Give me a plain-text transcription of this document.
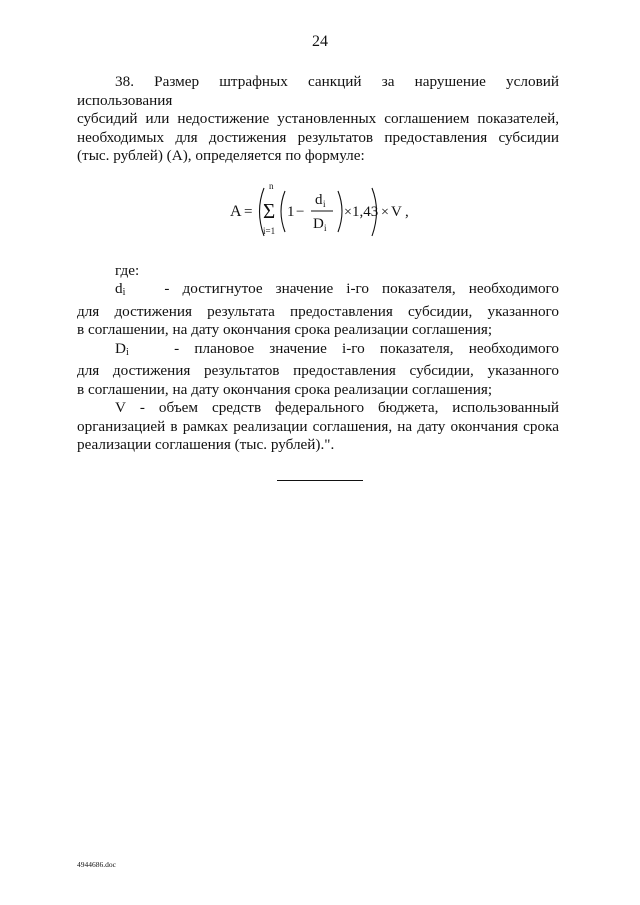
24

38. Размер штрафных санкций за нарушение условий использования

субсидий или недостижение установленных соглашением показателей,

необходимых для достижения результатов предоставления субсидии

(тыс. рублей) (А), определяется по формуле:

A =
n
Σ
i=1
1 −
d i
D i
× 1,43 × V ,

где:

$d_i$	- достигнутое значение i-го показателя, необходимого

для достижения результата предоставления субсидии, указанного

в соглашении, на дату окончания срока реализации соглашения;

$D_i$	- плановое значение i-го показателя, необходимого

для достижения результатов предоставления субсидии, указанного

в соглашении, на дату окончания срока реализации соглашения;

V - объем средств федерального бюджета, использованный

организацией в рамках реализации соглашения, на дату окончания срока

реализации соглашения (тыс. рублей).".

4944686.doc
